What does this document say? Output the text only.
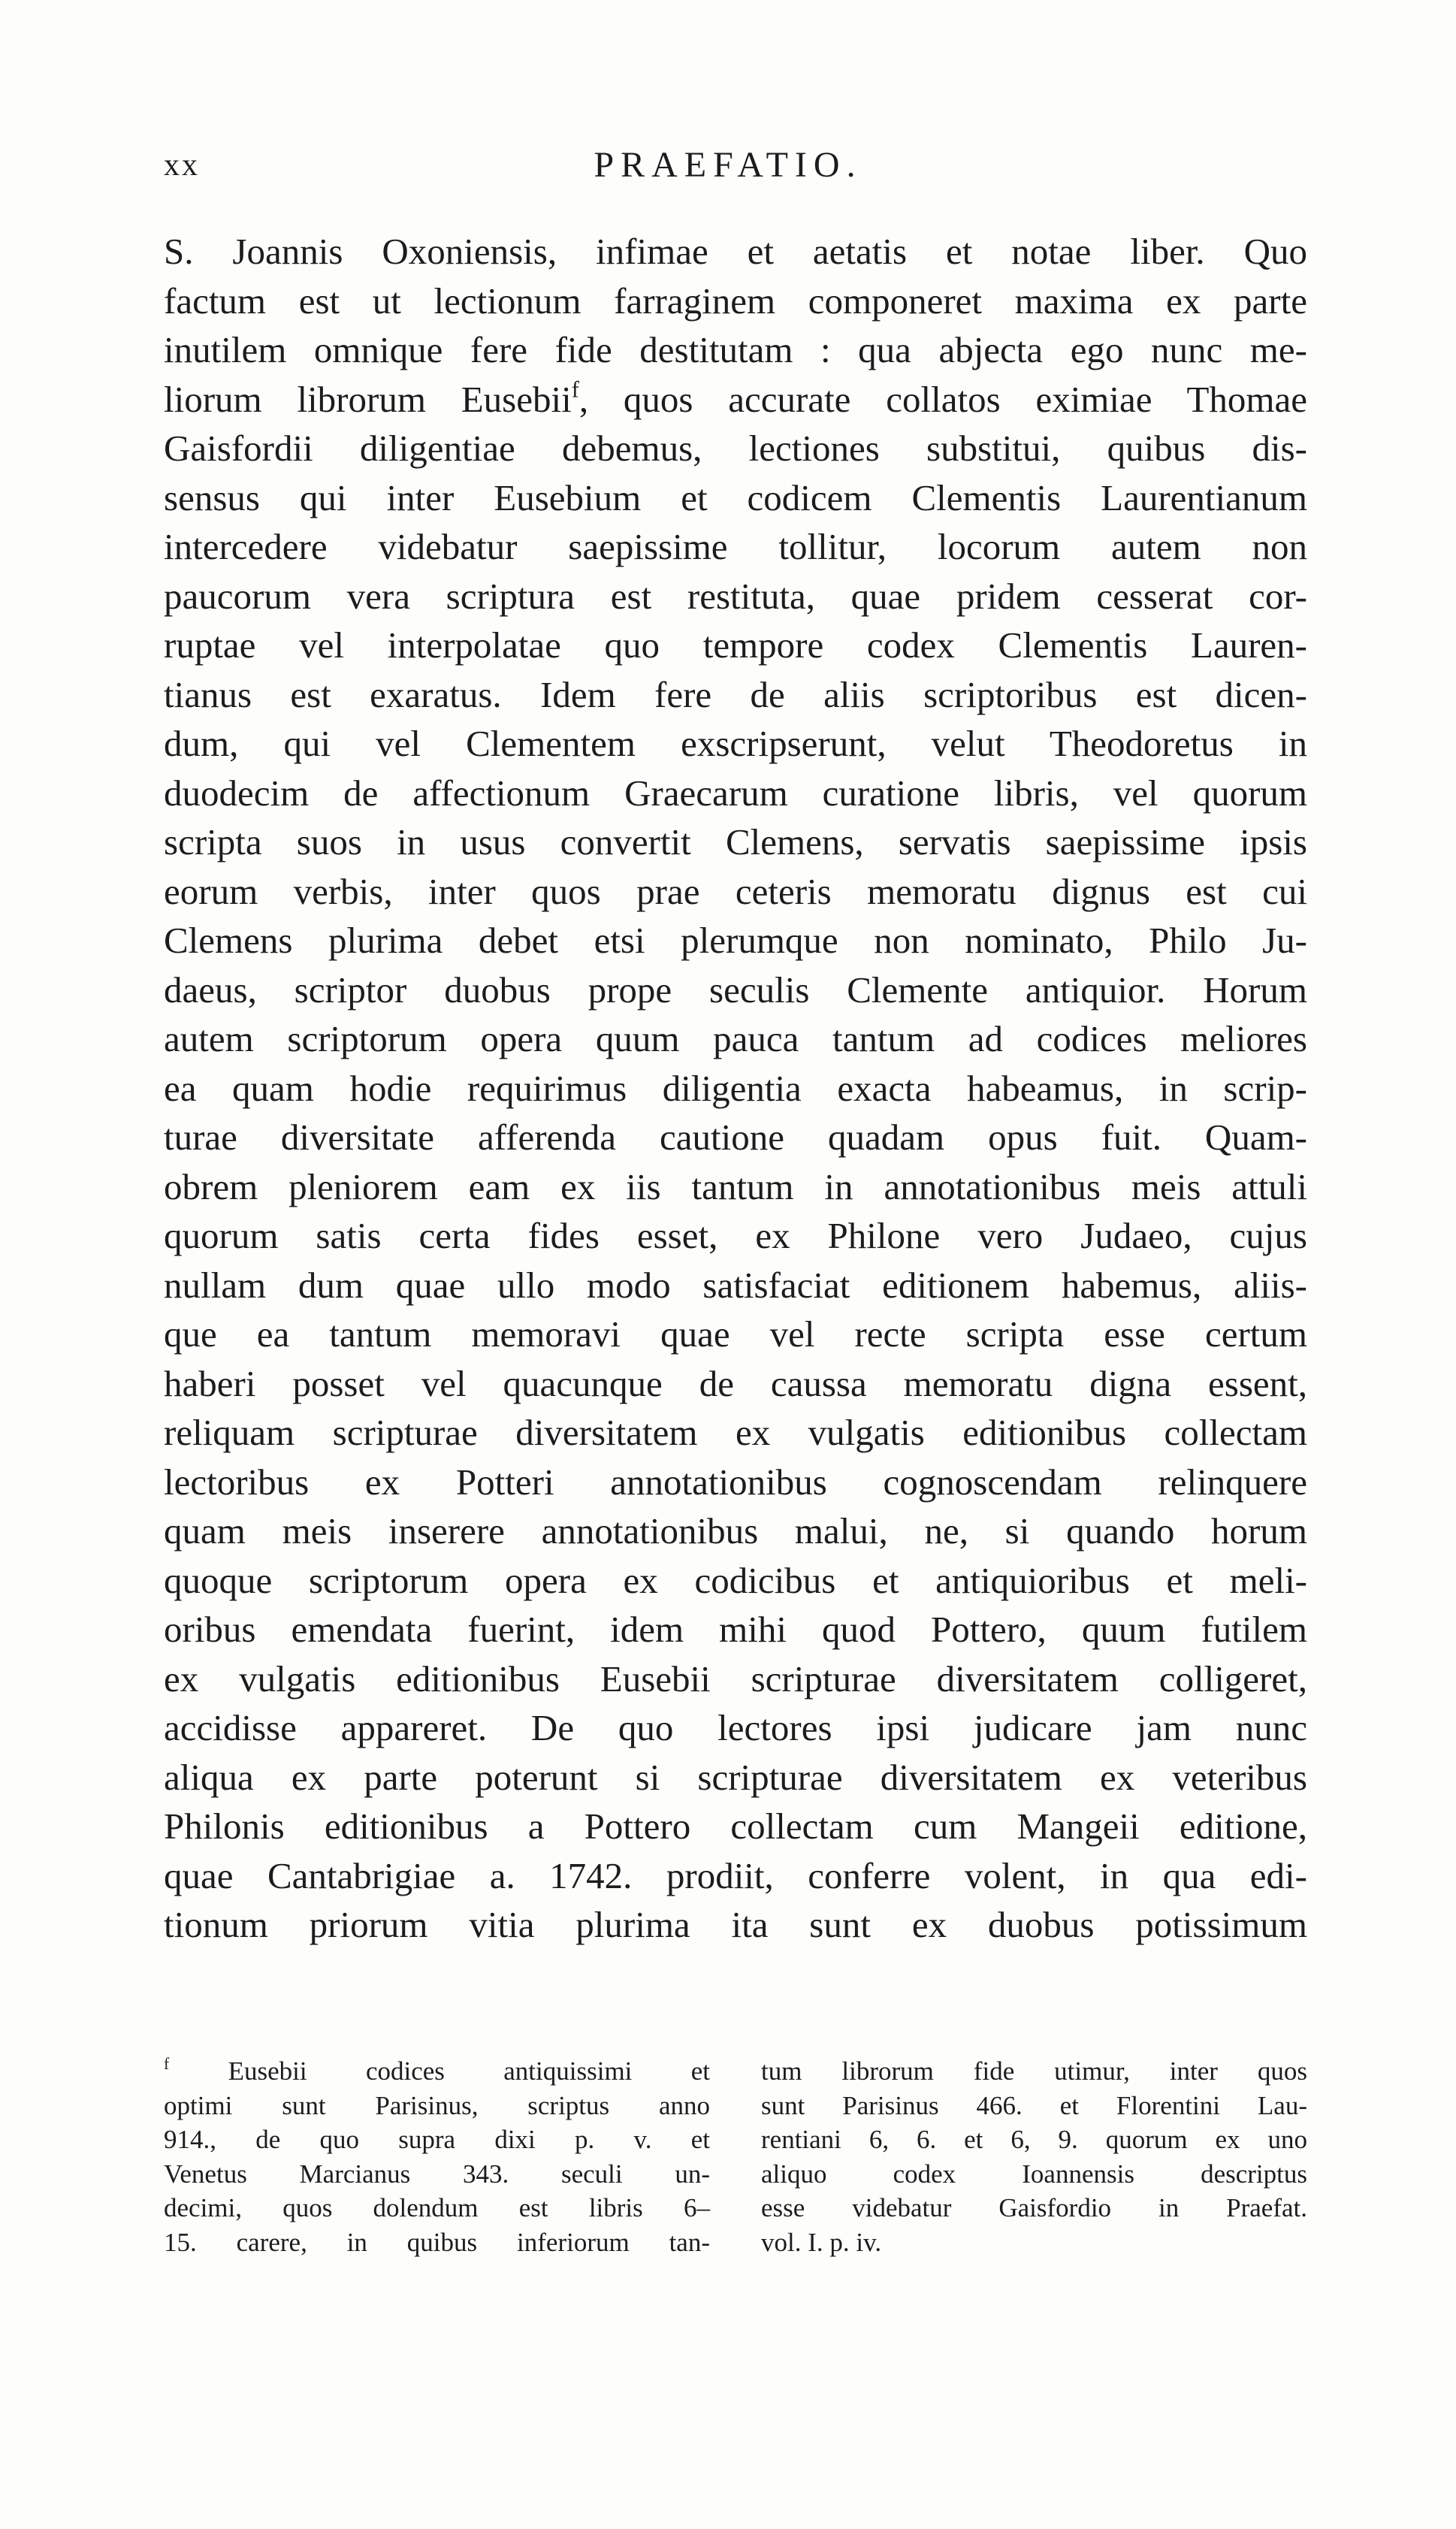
xx	PRAEFATIO.
S. Joannis Oxoniensis, infimae et aetatis et notae liber. Quo
factum est ut lectionum farraginem componeret maxima ex parte
inutilem omnique fere fide destitutam : qua abjecta ego nunc me-
liorum librorum Eusebii$^f$, quos accurate collatos eximiae Thomae
Gaisfordii diligentiae debemus, lectiones substitui, quibus dis-
sensus qui inter Eusebium et codicem Clementis Laurentianum
intercedere videbatur saepissime tollitur, locorum autem non
paucorum vera scriptura est restituta, quae pridem cesserat cor-
ruptae vel interpolatae quo tempore codex Clementis Lauren-
tianus est exaratus. Idem fere de aliis scriptoribus est dicen-
dum, qui vel Clementem exscripserunt, velut Theodoretus in
duodecim de affectionum Graecarum curatione libris, vel quorum
scripta suos in usus convertit Clemens, servatis saepissime ipsis
eorum verbis, inter quos prae ceteris memoratu dignus est cui
Clemens plurima debet etsi plerumque non nominato, Philo Ju-
daeus, scriptor duobus prope seculis Clemente antiquior. Horum
autem scriptorum opera quum pauca tantum ad codices meliores
ea quam hodie requirimus diligentia exacta habeamus, in scrip-
turae diversitate afferenda cautione quadam opus fuit. Quam-
obrem pleniorem eam ex iis tantum in annotationibus meis attuli
quorum satis certa fides esset, ex Philone vero Judaeo, cujus
nullam dum quae ullo modo satisfaciat editionem habemus, aliis-
que ea tantum memoravi quae vel recte scripta esse certum
haberi posset vel quacunque de caussa memoratu digna essent,
reliquam scripturae diversitatem ex vulgatis editionibus collectam
lectoribus ex Potteri annotationibus cognoscendam relinquere
quam meis inserere annotationibus malui, ne, si quando horum
quoque scriptorum opera ex codicibus et antiquioribus et meli-
oribus emendata fuerint, idem mihi quod Pottero, quum futilem
ex vulgatis editionibus Eusebii scripturae diversitatem colligeret,
accidisse appareret. De quo lectores ipsi judicare jam nunc
aliqua ex parte poterunt si scripturae diversitatem ex veteribus
Philonis editionibus a Pottero collectam cum Mangeii editione,
quae Cantabrigiae a. 1742. prodiit, conferre volent, in qua edi-
tionum priorum vitia plurima ita sunt ex duobus potissimum
$^f$ Eusebii codices antiquissimi et
optimi sunt Parisinus, scriptus anno
914., de quo supra dixi p. v. et
Venetus Marcianus 343. seculi un-
decimi, quos dolendum est libris 6–
15. carere, in quibus inferiorum tan-
tum librorum fide utimur, inter quos
sunt Parisinus 466. et Florentini Lau-
rentiani 6, 6. et 6, 9. quorum ex uno
aliquo codex Ioannensis descriptus
esse videbatur Gaisfordio in Praefat.
vol. I. p. iv.
